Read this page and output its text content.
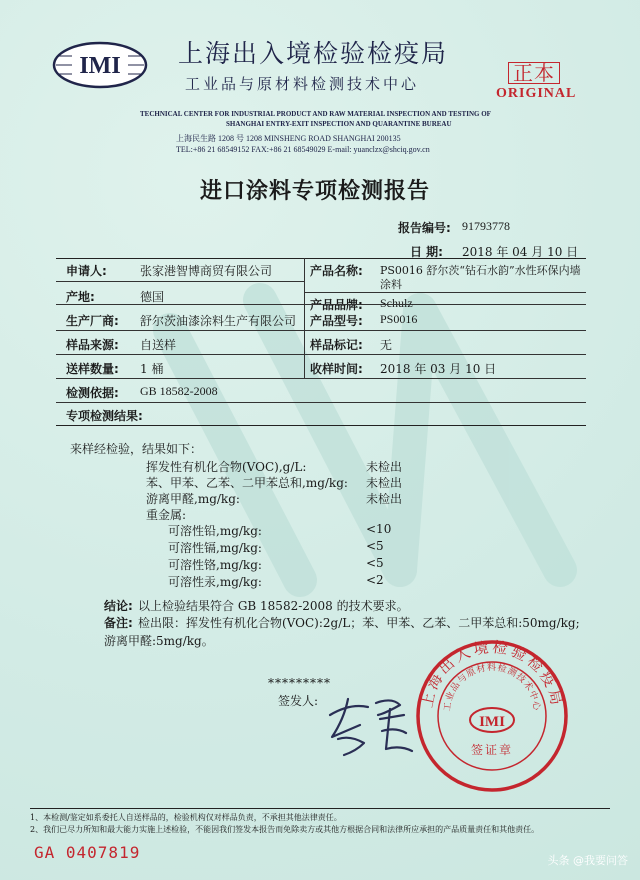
IMI 上海出入境检验检疫局
工业品与原材料检测技术中心
TECHNICAL CENTER FOR INDUSTRIAL PRODUCT AND RAW MATERIAL INSPECTION AND TESTING OF
SHANGHAI ENTRY-EXIT INSPECTION AND QUARANTINE BUREAU
上海民生路 1208 号 1208 MINSHENG ROAD SHANGHAI 200135
TEL:+86 21 68549152 FAX:+86 21 68549029 E-mail: yuanclzx@shciq.gov.cn
正本
ORIGINAL
进口涂料专项检测报告
报告编号: 91793778
日 期: 2018 年 04 月 10 日
申请人:	张家港智博商贸有限公司	产品名称: PS0016 舒尔茨“钻石水韵”水性环保内墙
涂料
产地:	德国
产品品牌: Schulz
生产厂商: 舒尔茨油漆涂料生产有限公司 产品型号: PS0016
样品来源: 自送样	样品标记: 无
送样数量: 1 桶	收样时间: 2018 年 03 月 10 日
检测依据: GB 18582-2008
专项检测结果:
来样经检验，结果如下：
挥发性有机化合物(VOC),g/L:	未检出
苯、甲苯、乙苯、二甲苯总和,mg/kg: 未检出
游离甲醛,mg/kg:	未检出
重金属:
可溶性铅,mg/kg:	<10
可溶性镉,mg/kg:	<5
可溶性铬,mg/kg:	<5
可溶性汞,mg/kg:	<2
结论: 以上检验结果符合 GB 18582-2008 的技术要求。
备注: 检出限：挥发性有机化合物(VOC):2g/L；苯、甲苯、乙苯、二甲苯总和:50mg/kg;
游离甲醛:5mg/kg。
*********
签发人:	上海出入境检验检疫局
工业品与原材料检测技术中心
IMI
签证章
1、本检测/鉴定如系委托人自送样品的，检验机构仅对样品负责，不承担其他法律责任。
2、我们已尽力所知和最大能力实施上述检验，不能因我们签发本报告而免除卖方或其他方根据合同和法律所应承担的产品质量责任和其他责任。
GA 0407819	头条 @我要问答
